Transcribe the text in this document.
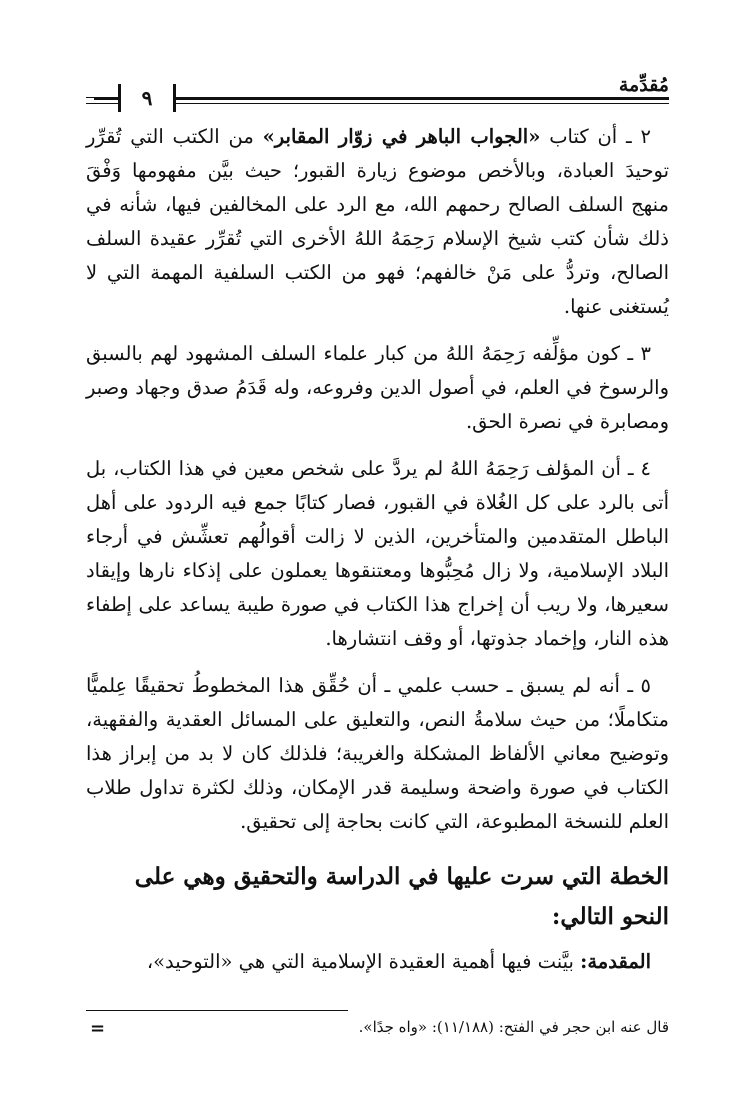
مُقدِّمة
٩

٢ ـ أن كتاب «الجواب الباهر في زوّار المقابر» من الكتب التي تُقرِّر توحيدَ العبادة، وبالأخص موضوع زيارة القبور؛ حيث بيَّن مفهومها وَفْقَ منهج السلف الصالح رحمهم الله، مع الرد على المخالفين فيها، شأنه في ذلك شأن كتب شيخ الإسلام رَحِمَهُ اللهُ الأخرى التي تُقرِّر عقيدة السلف الصالح، وتردُّ على مَنْ خالفهم؛ فهو من الكتب السلفية المهمة التي لا يُستغنى عنها.

٣ ـ كون مؤلِّفه رَحِمَهُ اللهُ من كبار علماء السلف المشهود لهم بالسبق والرسوخ في العلم، في أصول الدين وفروعه، وله قَدَمُ صدق وجهاد وصبر ومصابرة في نصرة الحق.

٤ ـ أن المؤلف رَحِمَهُ اللهُ لم يردَّ على شخص معين في هذا الكتاب، بل أتى بالرد على كل الغُلاة في القبور، فصار كتابًا جمع فيه الردود على أهل الباطل المتقدمين والمتأخرين، الذين لا زالت أقوالُهم تعشِّش في أرجاء البلاد الإسلامية، ولا زال مُحِبُّوها ومعتنقوها يعملون على إذكاء نارها وإيقاد سعيرها، ولا ريب أن إخراج هذا الكتاب في صورة طيبة يساعد على إطفاء هذه النار، وإخماد جذوتها، أو وقف انتشارها.

٥ ـ أنه لم يسبق ـ حسب علمي ـ أن حُقِّق هذا المخطوطُ تحقيقًا عِلميًّا متكاملًا؛ من حيث سلامةُ النص، والتعليق على المسائل العقدية والفقهية، وتوضيح معاني الألفاظ المشكلة والغريبة؛ فلذلك كان لا بد من إبراز هذا الكتاب في صورة واضحة وسليمة قدر الإمكان، وذلك لكثرة تداول طلاب العلم للنسخة المطبوعة، التي كانت بحاجة إلى تحقيق.

الخطة التي سرت عليها في الدراسة والتحقيق وهي على النحو التالي:

المقدمة: بيَّنت فيها أهمية العقيدة الإسلامية التي هي «التوحيد»،

=	قال عنه ابن حجر في الفتح: (١١/١٨٨): «واه جدًا».
